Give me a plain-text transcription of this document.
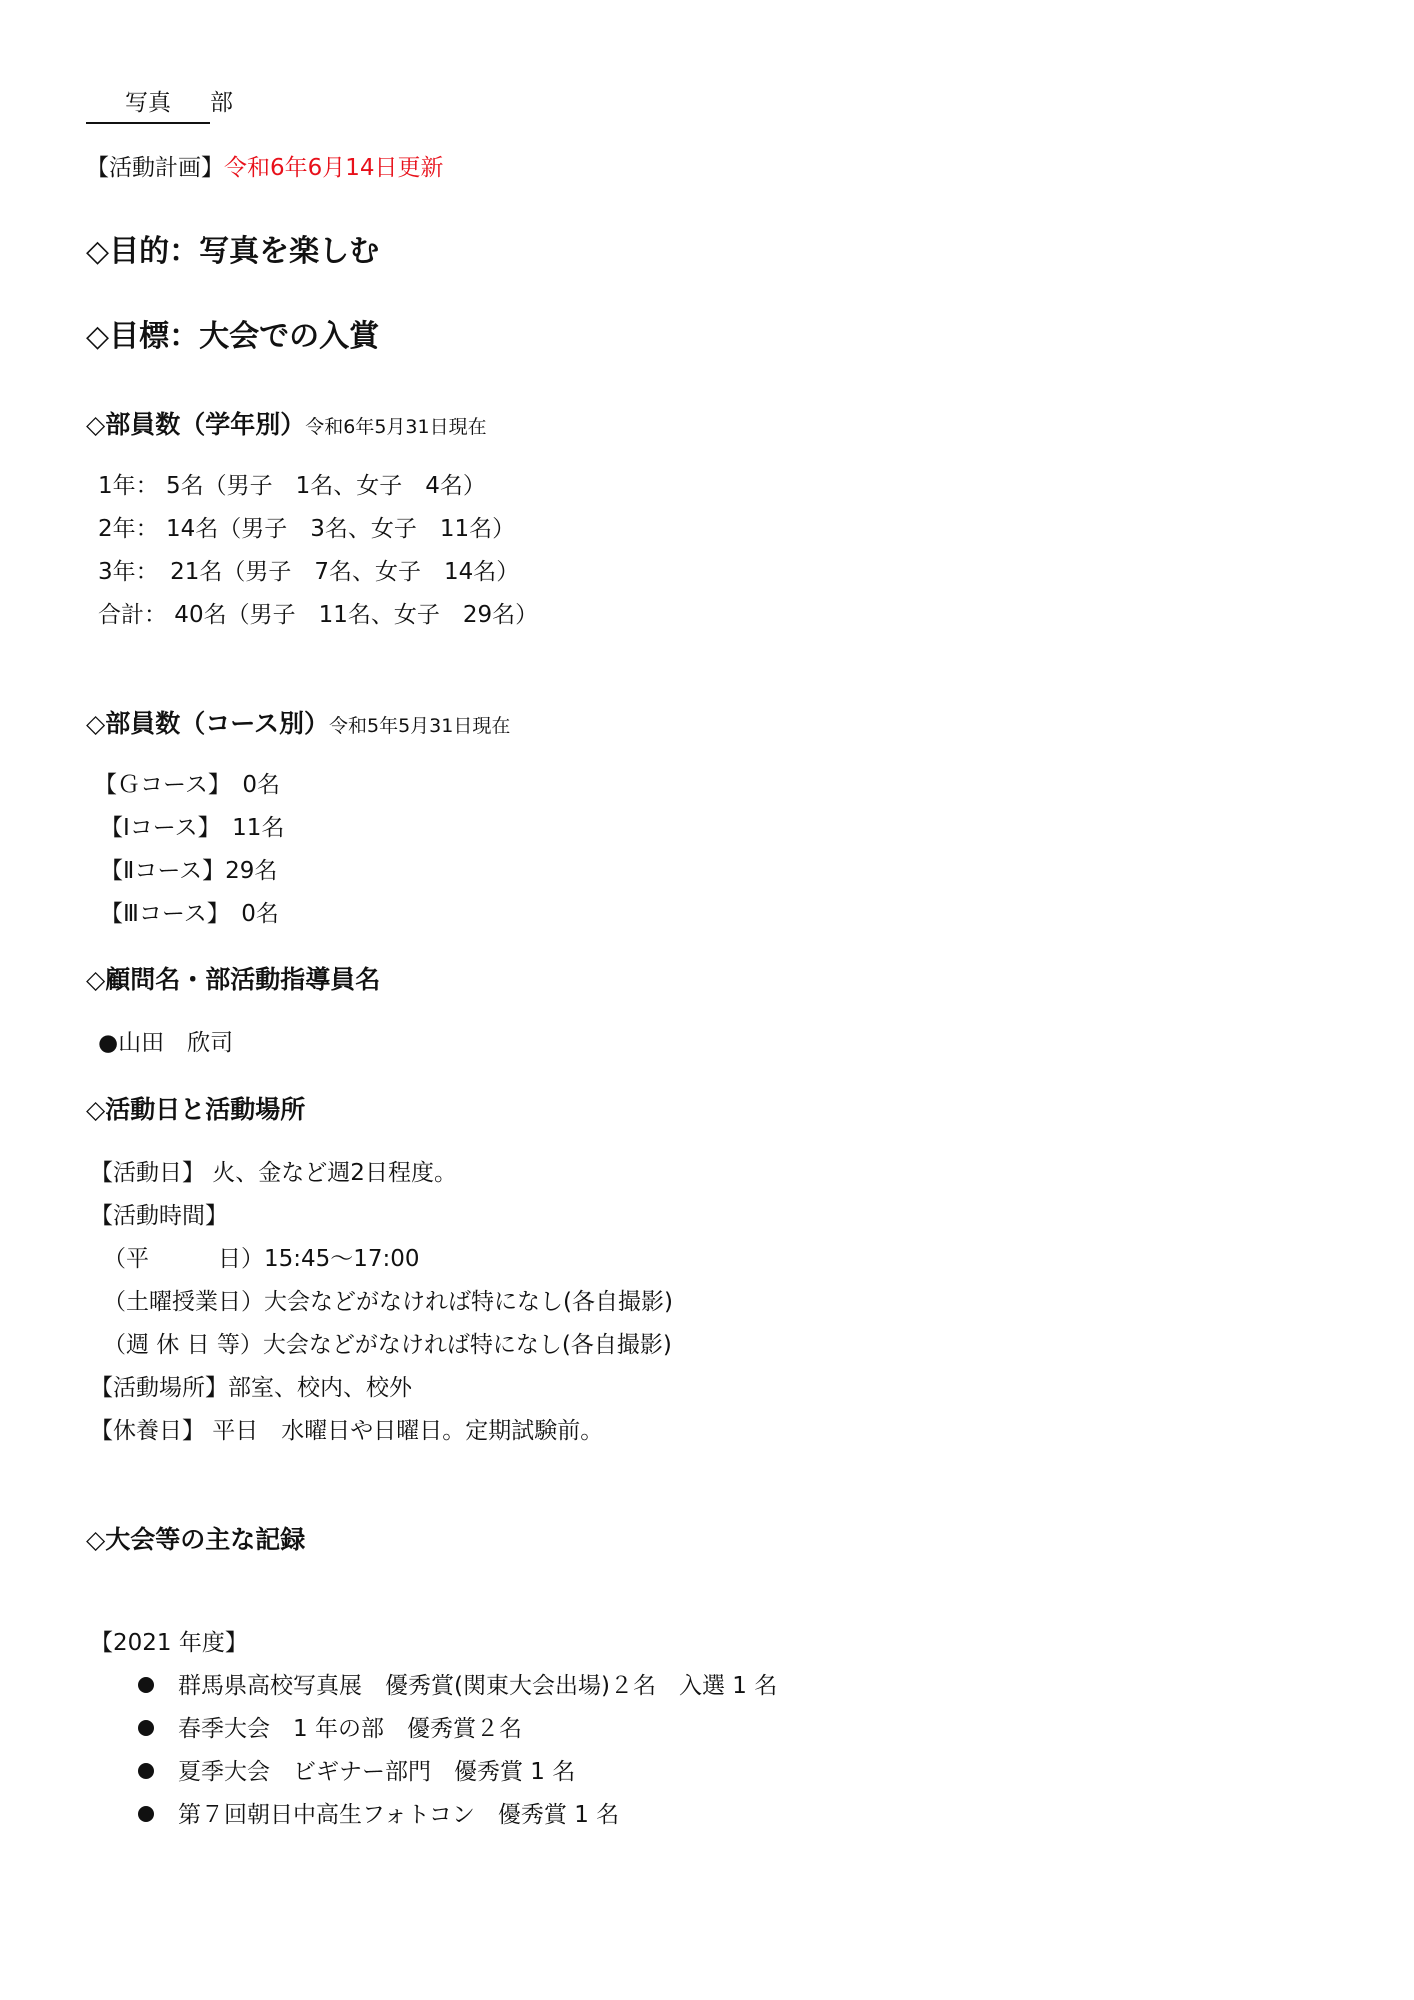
写真 部
【活動計画】令和6年6月14日更新
◇目的：写真を楽しむ
◇目標：大会での入賞
◇部員数（学年別）令和6年5月31日現在
1年： 5名（男子　1名、女子　4名）
2年： 14名（男子　3名、女子　11名）
3年：　21名（男子　7名、女子　14名）
合計： 40名（男子　11名、女子　29名）
◇部員数（コース別）令和5年5月31日現在
【Ｇコース】　0名
【Ⅰコース】　11名
【Ⅱコース】29名
【Ⅲコース】　0名
◇顧問名・部活動指導員名
●山田　欣司
◇活動日と活動場所
【活動日】 火、金など週2日程度。
【活動時間】
（平　　　日）15:45～17:00
（土曜授業日）大会などがなければ特になし(各自撮影)
（週 休 日 等）大会などがなければ特になし(各自撮影)
【活動場所】部室、校内、校外
【休養日】 平日　水曜日や日曜日。定期試験前。
◇大会等の主な記録
【2021 年度】
群馬県高校写真展　優秀賞(関東大会出場)２名　入選 1 名
春季大会　1 年の部　優秀賞２名
夏季大会　ビギナー部門　優秀賞 1 名
第７回朝日中高生フォトコン　優秀賞 1 名
